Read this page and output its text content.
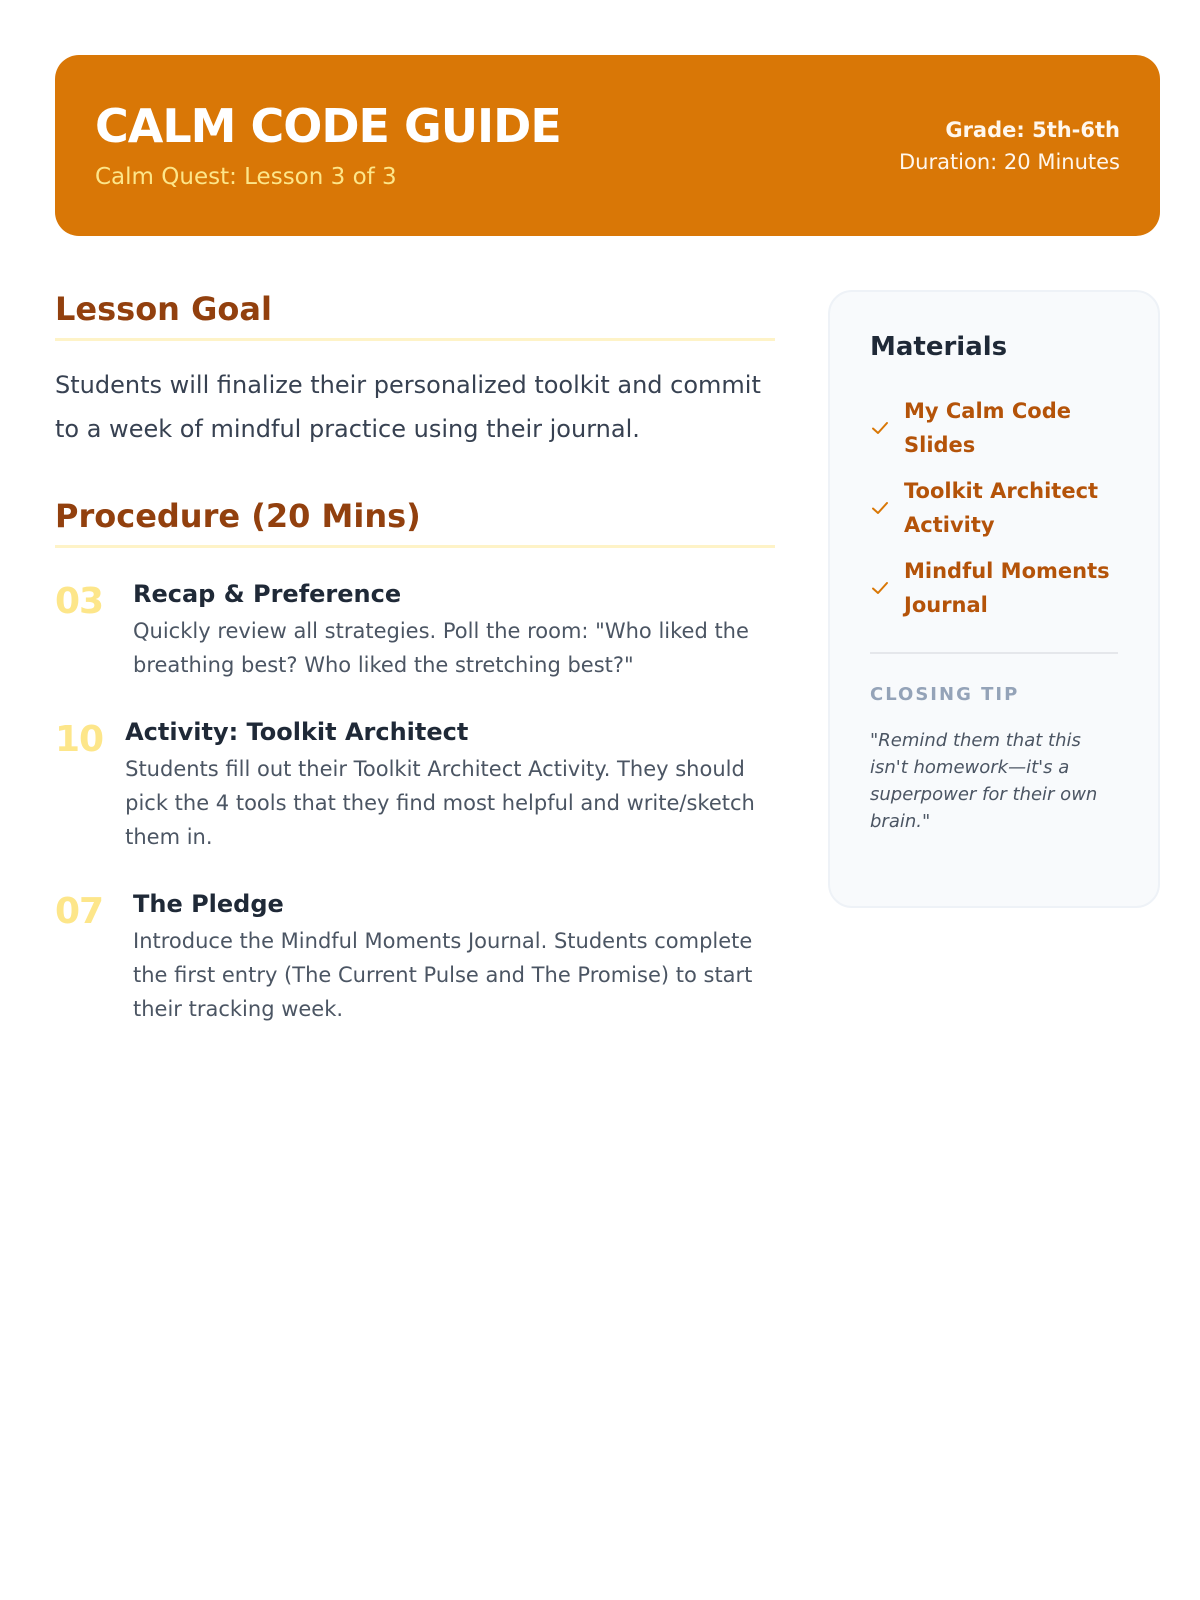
CALM CODE GUIDE
Calm Quest: Lesson 3 of 3
Grade: 5th-6th
Duration: 20 Minutes
Lesson Goal

Students will finalize their personalized toolkit and commit to a week of mindful practice using their journal.

Procedure (20 Mins)
03 Recap & Preference
Quickly review all strategies. Poll the room: "Who liked the breathing best? Who liked the stretching best?"
10 Activity: Toolkit Architect
Students fill out their Toolkit Architect Activity. They should pick the 4 tools that they find most helpful and write/sketch them in.
07 The Pledge
Introduce the Mindful Moments Journal. Students complete the first entry (The Current Pulse and The Promise) to start their tracking week.
Materials
My Calm Code Slides
Toolkit Architect Activity
Mindful Moments Journal
CLOSING TIP

"Remind them that this isn't homework—it's a superpower for their own brain."
